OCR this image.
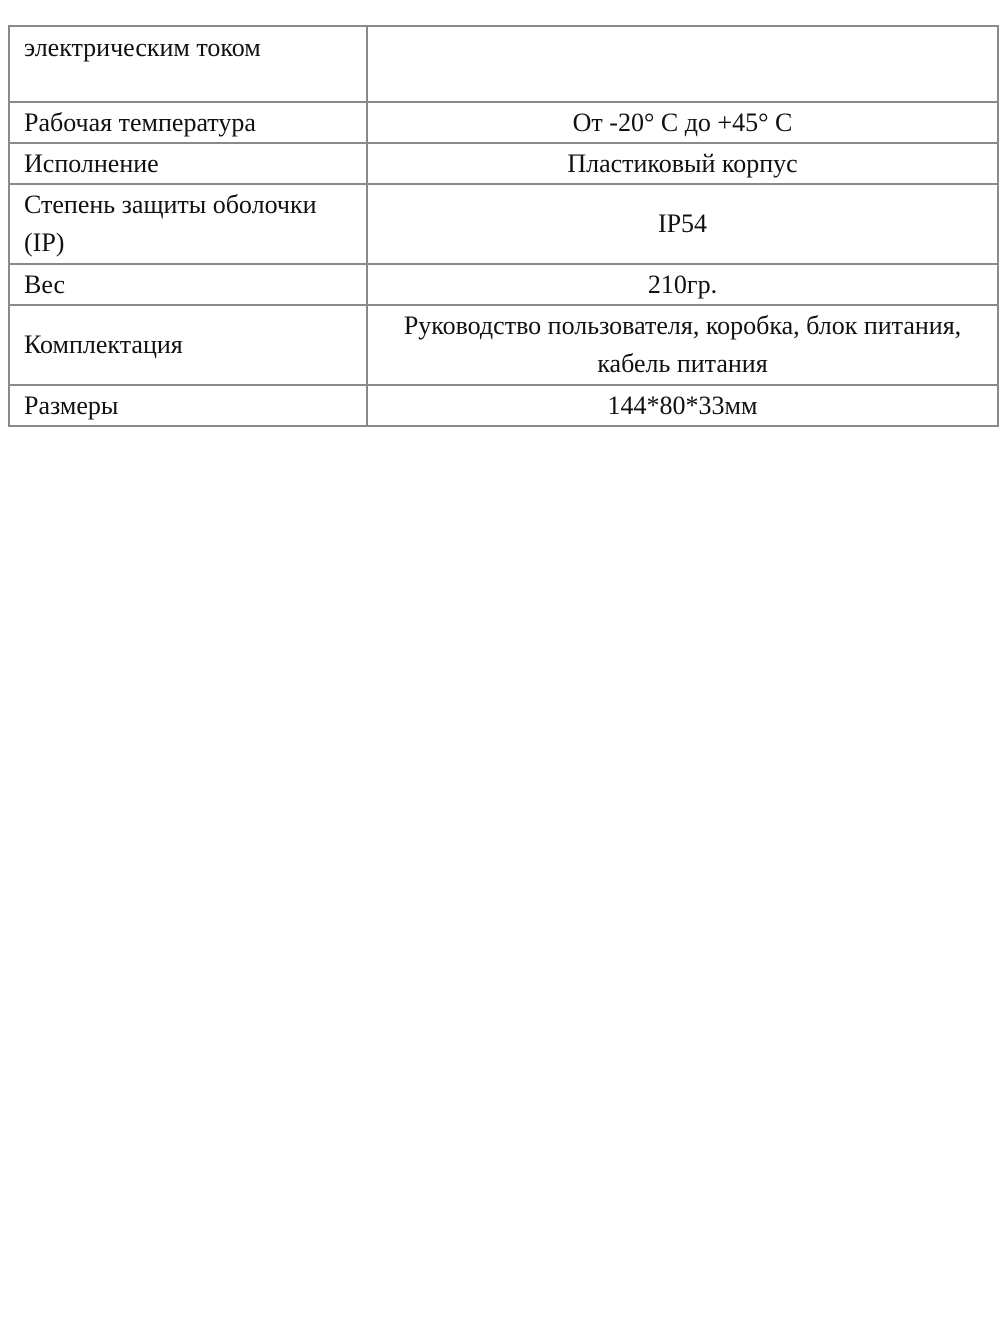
электрическим током	
Рабочая температура	От -20° С до +45° С
Исполнение	Пластиковый корпус
Степень защиты оболочки (IP)	IP54
Вес	210гр.
Комплектация	Руководство пользователя, коробка, блок питания, кабель питания
Размеры	144*80*33мм
